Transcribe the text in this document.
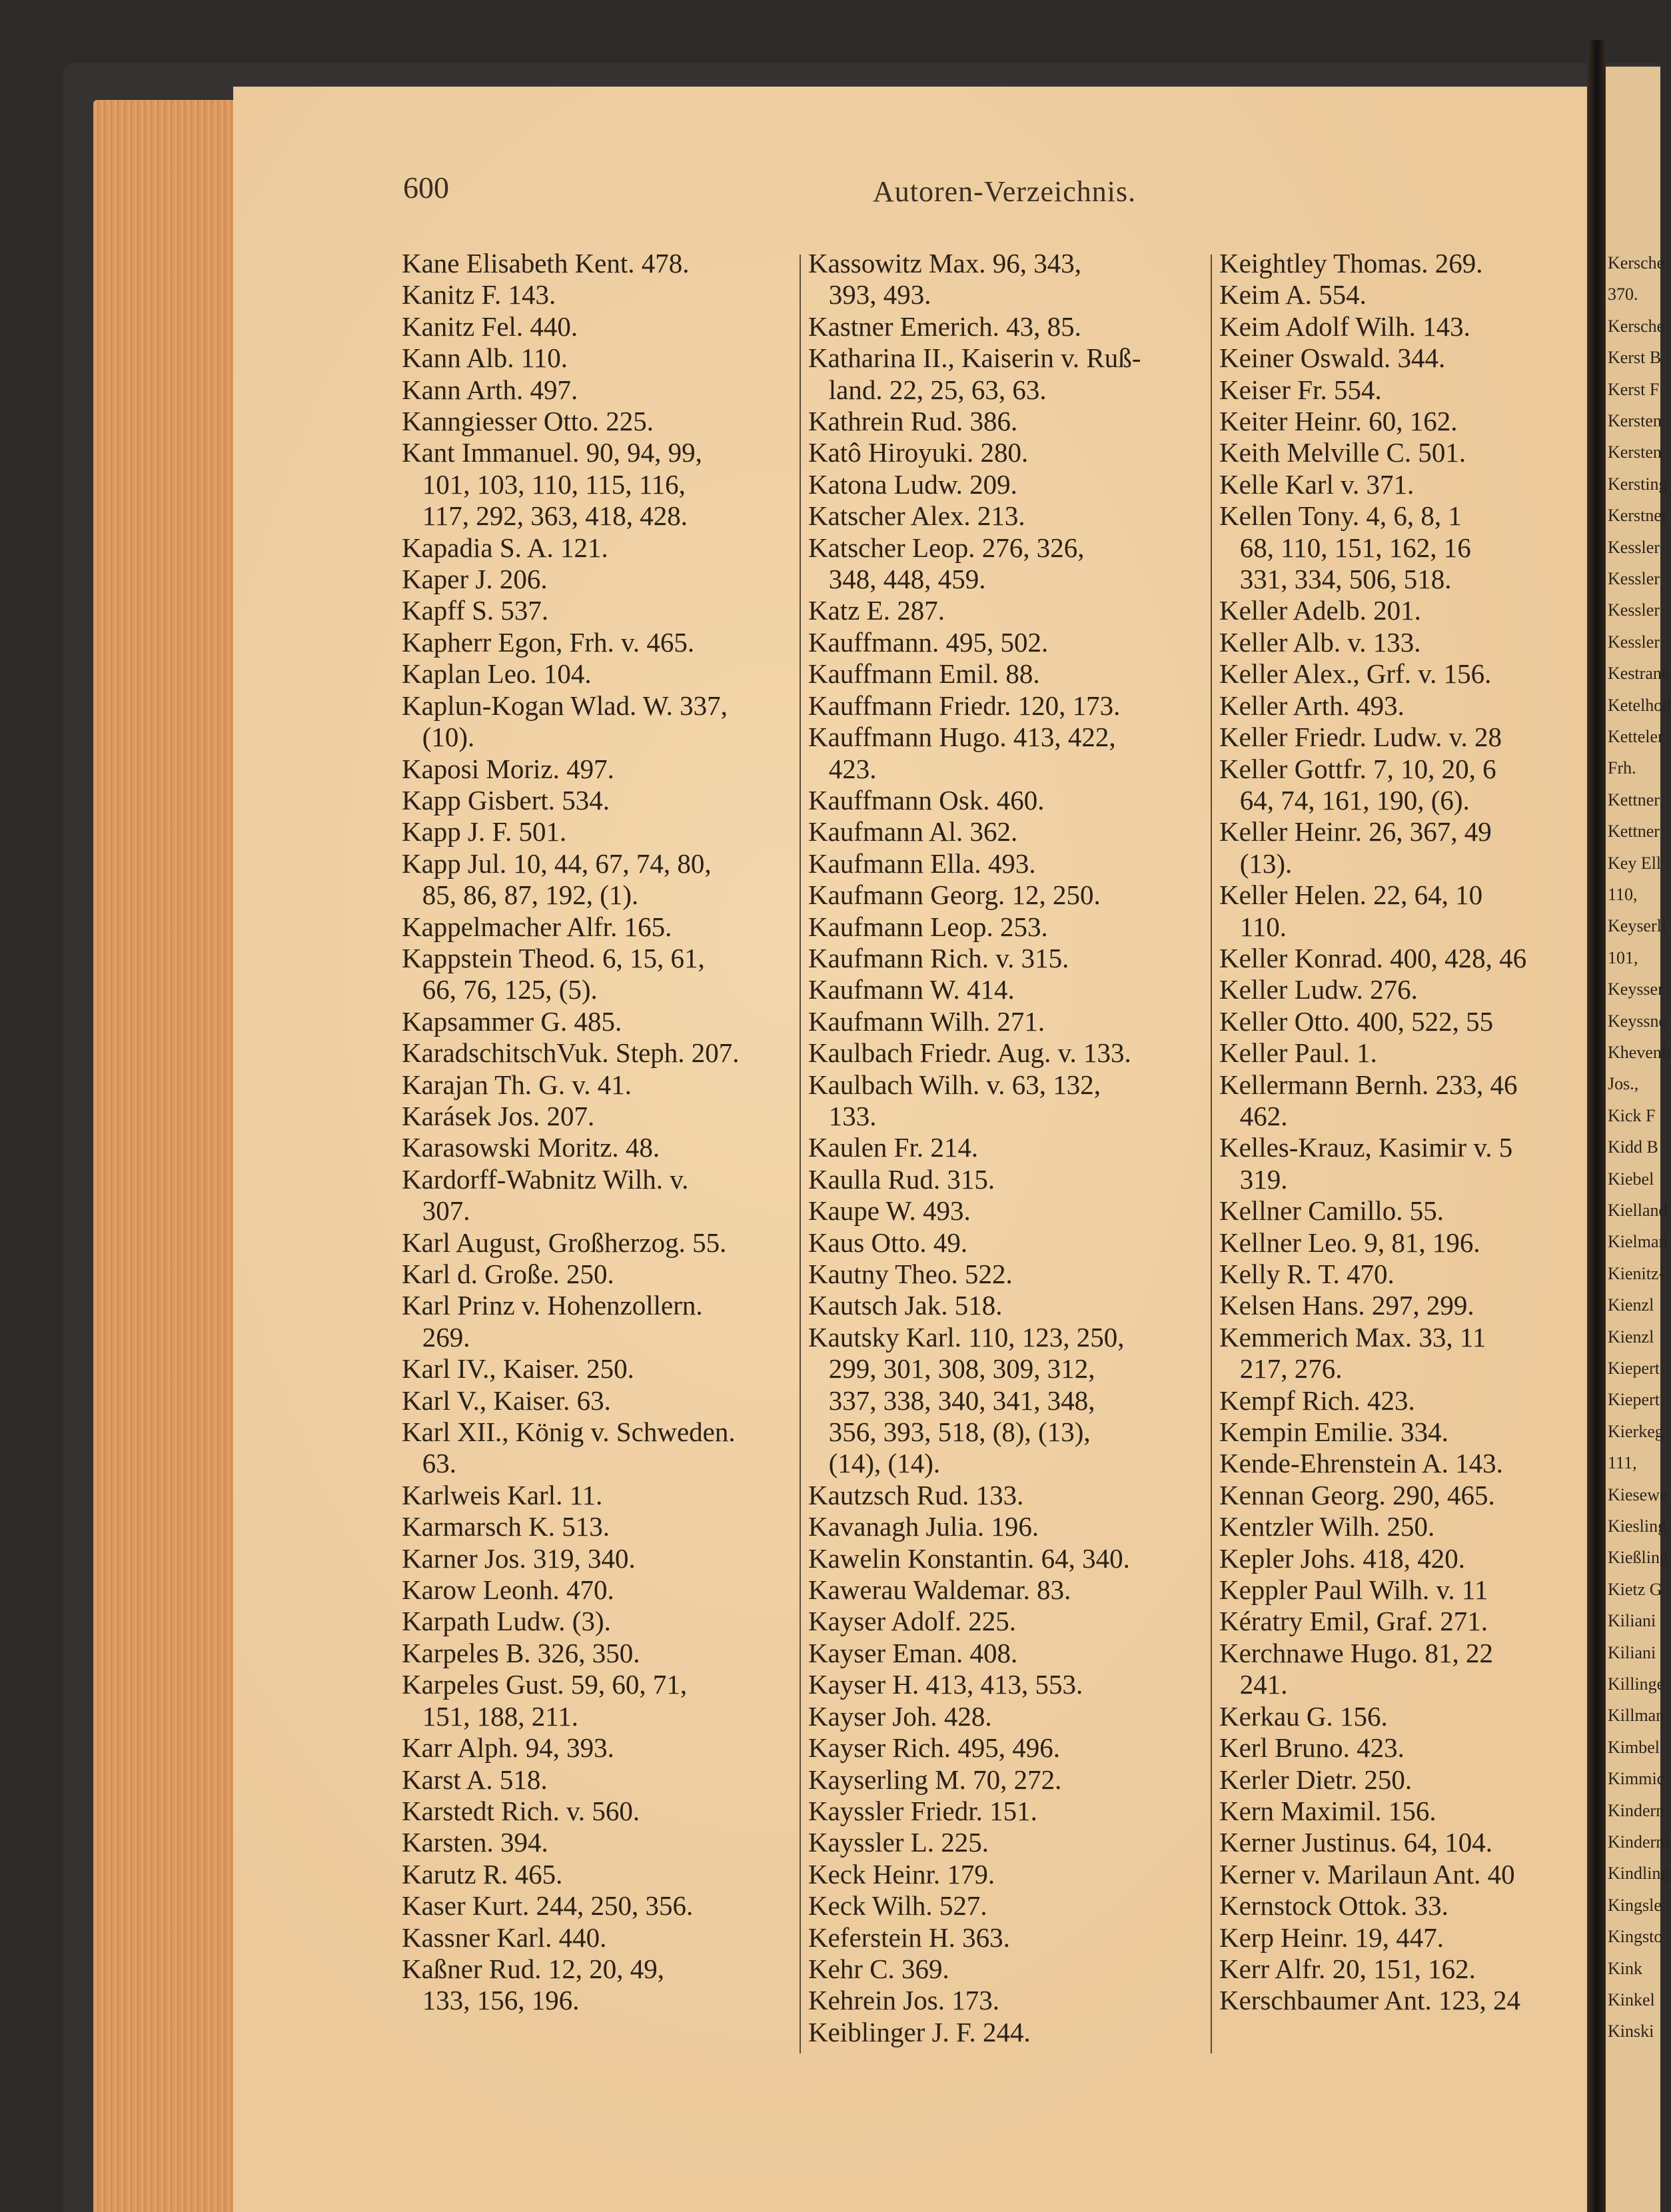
600	Autoren-Verzeichnis.
Kane Elisabeth Kent. 478.
Kanitz F. 143.
Kanitz Fel. 440.
Kann Alb. 110.
Kann Arth. 497.
Kanngiesser Otto. 225.
Kant Immanuel. 90, 94, 99,
101, 103, 110, 115, 116,
117, 292, 363, 418, 428.
Kapadia S. A. 121.
Kaper J. 206.
Kapff S. 537.
Kapherr Egon, Frh. v. 465.
Kaplan Leo. 104.
Kaplun-Kogan Wlad. W. 337,
(10).
Kaposi Moriz. 497.
Kapp Gisbert. 534.
Kapp J. F. 501.
Kapp Jul. 10, 44, 67, 74, 80,
85, 86, 87, 192, (1).
Kappelmacher Alfr. 165.
Kappstein Theod. 6, 15, 61,
66, 76, 125, (5).
Kapsammer G. 485.
KaradschitschVuk. Steph. 207.
Karajan Th. G. v. 41.
Karásek Jos. 207.
Karasowski Moritz. 48.
Kardorff-Wabnitz Wilh. v.
307.
Karl August, Großherzog. 55.
Karl d. Große. 250.
Karl Prinz v. Hohenzollern.
269.
Karl IV., Kaiser. 250.
Karl V., Kaiser. 63.
Karl XII., König v. Schweden.
63.
Karlweis Karl. 11.
Karmarsch K. 513.
Karner Jos. 319, 340.
Karow Leonh. 470.
Karpath Ludw. (3).
Karpeles B. 326, 350.
Karpeles Gust. 59, 60, 71,
151, 188, 211.
Karr Alph. 94, 393.
Karst A. 518.
Karstedt Rich. v. 560.
Karsten. 394.
Karutz R. 465.
Kaser Kurt. 244, 250, 356.
Kassner Karl. 440.
Kaßner Rud. 12, 20, 49,
133, 156, 196.
Kassowitz Max. 96, 343,
393, 493.
Kastner Emerich. 43, 85.
Katharina II., Kaiserin v. Ruß-
land. 22, 25, 63, 63.
Kathrein Rud. 386.
Katô Hiroyuki. 280.
Katona Ludw. 209.
Katscher Alex. 213.
Katscher Leop. 276, 326,
348, 448, 459.
Katz E. 287.
Kauffmann. 495, 502.
Kauffmann Emil. 88.
Kauffmann Friedr. 120, 173.
Kauffmann Hugo. 413, 422,
423.
Kauffmann Osk. 460.
Kaufmann Al. 362.
Kaufmann Ella. 493.
Kaufmann Georg. 12, 250.
Kaufmann Leop. 253.
Kaufmann Rich. v. 315.
Kaufmann W. 414.
Kaufmann Wilh. 271.
Kaulbach Friedr. Aug. v. 133.
Kaulbach Wilh. v. 63, 132,
133.
Kaulen Fr. 214.
Kaulla Rud. 315.
Kaupe W. 493.
Kaus Otto. 49.
Kautny Theo. 522.
Kautsch Jak. 518.
Kautsky Karl. 110, 123, 250,
299, 301, 308, 309, 312,
337, 338, 340, 341, 348,
356, 393, 518, (8), (13),
(14), (14).
Kautzsch Rud. 133.
Kavanagh Julia. 196.
Kawelin Konstantin. 64, 340.
Kawerau Waldemar. 83.
Kayser Adolf. 225.
Kayser Eman. 408.
Kayser H. 413, 413, 553.
Kayser Joh. 428.
Kayser Rich. 495, 496.
Kayserling M. 70, 272.
Kayssler Friedr. 151.
Kayssler L. 225.
Keck Heinr. 179.
Keck Wilh. 527.
Keferstein H. 363.
Kehr C. 369.
Kehrein Jos. 173.
Keiblinger J. F. 244.
Keightley Thomas. 269.
Keim A. 554.
Keim Adolf Wilh. 143.
Keiner Oswald. 344.
Keiser Fr. 554.
Keiter Heinr. 60, 162.
Keith Melville C. 501.
Kelle Karl v. 371.
Kellen Tony. 4, 6, 8, 1
68, 110, 151, 162, 16
331, 334, 506, 518.
Keller Adelb. 201.
Keller Alb. v. 133.
Keller Alex., Grf. v. 156.
Keller Arth. 493.
Keller Friedr. Ludw. v. 28
Keller Gottfr. 7, 10, 20, 6
64, 74, 161, 190, (6).
Keller Heinr. 26, 367, 49
(13).
Keller Helen. 22, 64, 10
110.
Keller Konrad. 400, 428, 46
Keller Ludw. 276.
Keller Otto. 400, 522, 55
Keller Paul. 1.
Kellermann Bernh. 233, 46
462.
Kelles-Krauz, Kasimir v. 5
319.
Kellner Camillo. 55.
Kellner Leo. 9, 81, 196.
Kelly R. T. 470.
Kelsen Hans. 297, 299.
Kemmerich Max. 33, 11
217, 276.
Kempf Rich. 423.
Kempin Emilie. 334.
Kende-Ehrenstein A. 143.
Kennan Georg. 290, 465.
Kentzler Wilh. 250.
Kepler Johs. 418, 420.
Keppler Paul Wilh. v. 11
Kératry Emil, Graf. 271.
Kerchnawe Hugo. 81, 22
241.
Kerkau G. 156.
Kerl Bruno. 423.
Kerler Dietr. 250.
Kern Maximil. 156.
Kerner Justinus. 64, 104.
Kerner v. Marilaun Ant. 40
Kernstock Ottok. 33.
Kerp Heinr. 19, 447.
Kerr Alfr. 20, 151, 162.
Kerschbaumer Ant. 123, 24
Kersche
370.
Kersche
Kerst B
Kerst F
Kersten
Kersten
Kersting
Kerstner
Kessler
Kessler
Kessler
Kessler
Kestrane
Ketelhod
Ketteler
Frh.
Kettner
Kettner
Key Ell
110,
Keyserli
101,
Keysser
Keyssne
Khevenh
Jos.,
Kick F
Kidd B
Kiebel
Kielland
Kielman
Kienitz-
Kienzl
Kienzl
Kiepert
Kiepert
Kierkeg
111,
Kiesewe
Kiesling
Kießling
Kietz G
Kiliani
Kiliani
Killinge
Killman
Kimbel
Kimmic
Kindern
Kinderm
Kindling
Kingsle
Kingsto
Kink
Kinkel
Kinski
